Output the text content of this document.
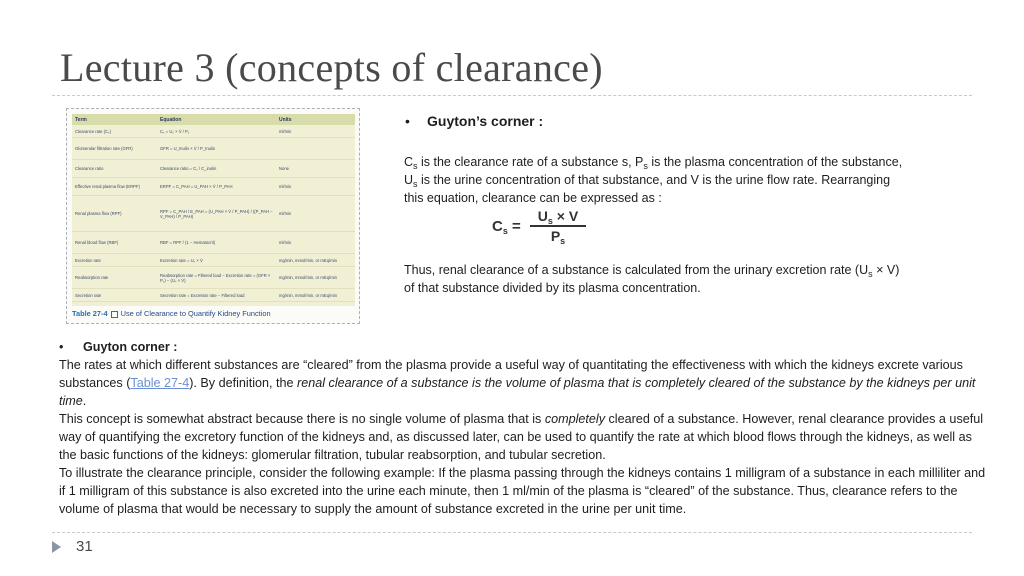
Lecture 3 (concepts of clearance)
Term	Equation	Units
Clearance rate (Cₛ)	Cₛ = Uₛ × V̇ / Pₛ	ml/min
Glomerular filtration rate (GFR)	GFR = U_Inulin × V̇ / P_Inulin
Clearance ratio	Clearance ratio = Cₛ / C_inulin	None
Effective renal plasma flow (ERPF)	ERPF = C_PAH = U_PAH × V̇ / P_PAH	ml/min
Renal plasma flow (RPF)	RPF = C_PAH / E_PAH = (U_PAH × V̇ / P_PAH) / ((P_PAH − V_PAH) / P_PAH)	ml/min
Renal blood flow (RBF)	RBF = RPF / (1 − Hematocrit)	ml/min
Excretion rate	Excretion rate = Uₛ × V̇	mg/min, mmol/min, or mEq/min
Reabsorption rate	Reabsorption rate = Filtered load − Excretion rate = (GFR × Pₛ) − (Uₛ × V̇)	mg/min, mmol/min, or mEq/min
Secretion rate	Secretion rate = Excretion rate − Filtered load	mg/min, mmol/min, or mEq/min
Table 27-4 Use of Clearance to Quantify Kidney Function
• Guyton’s corner :
$C_s$ is the clearance rate of a substance s, $P_s$ is the plasma concentration of the substance, $U_s$ is the urine concentration of that substance, and V is the urine flow rate. Rearranging this equation, clearance can be expressed as :
$C_s = \frac{U_s \times V}{P_s}$
Thus, renal clearance of a substance is calculated from the urinary excretion rate $(U_s \times V)$ of that substance divided by its plasma concentration.
• Guyton corner :

The rates at which different substances are “cleared” from the plasma provide a useful way of quantitating the effectiveness with which the kidneys excrete various substances (Table 27-4). By definition, the renal clearance of a substance is the volume of plasma that is completely cleared of the substance by the kidneys per unit time.

This concept is somewhat abstract because there is no single volume of plasma that is completely cleared of a substance. However, renal clearance provides a useful way of quantifying the excretory function of the kidneys and, as discussed later, can be used to quantify the rate at which blood flows through the kidneys, as well as the basic functions of the kidneys: glomerular filtration, tubular reabsorption, and tubular secretion.

To illustrate the clearance principle, consider the following example: If the plasma passing through the kidneys contains 1 milligram of a substance in each milliliter and if 1 milligram of this substance is also excreted into the urine each minute, then 1 ml/min of the plasma is “cleared” of the substance. Thus, clearance refers to the volume of plasma that would be necessary to supply the amount of substance excreted in the urine per unit time.

31
